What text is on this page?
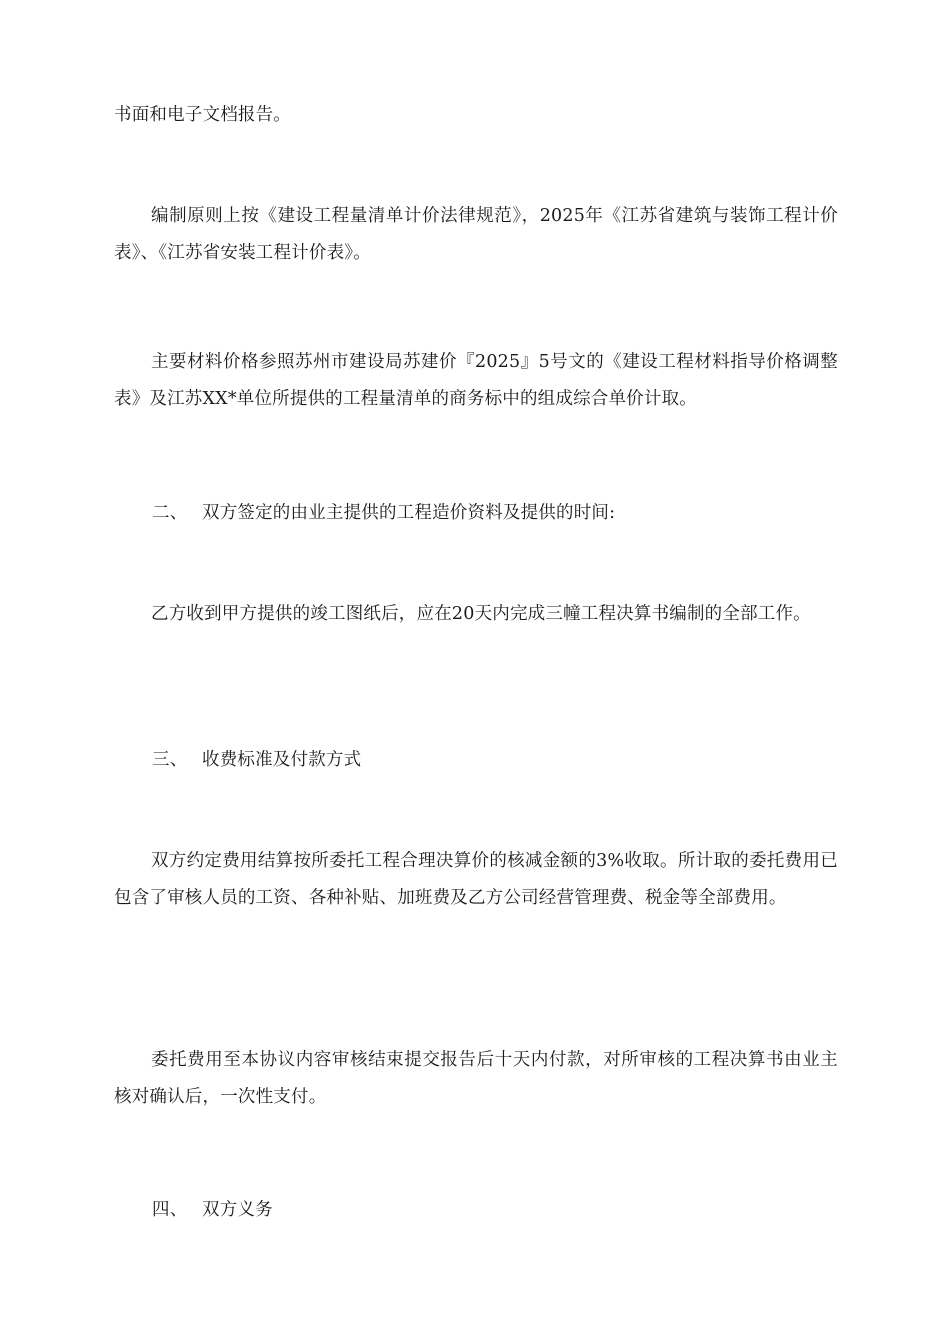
书面和电子文档报告。

编制原则上按《建设工程量清单计价法律规范》，2025年《江苏省建筑与装饰工程计价表》、《江苏省安装工程计价表》。

主要材料价格参照苏州市建设局苏建价『2025』5号文的《建设工程材料指导价格调整表》及江苏XX*单位所提供的工程量清单的商务标中的组成综合单价计取。

二、 双方签定的由业主提供的工程造价资料及提供的时间:

乙方收到甲方提供的竣工图纸后，应在20天内完成三幢工程决算书编制的全部工作。

三、 收费标准及付款方式

双方约定费用结算按所委托工程合理决算价的核减金额的3%收取。所计取的委托费用已包含了审核人员的工资、各种补贴、加班费及乙方公司经营管理费、税金等全部费用。

委托费用至本协议内容审核结束提交报告后十天内付款，对所审核的工程决算书由业主核对确认后，一次性支付。

四、 双方义务
